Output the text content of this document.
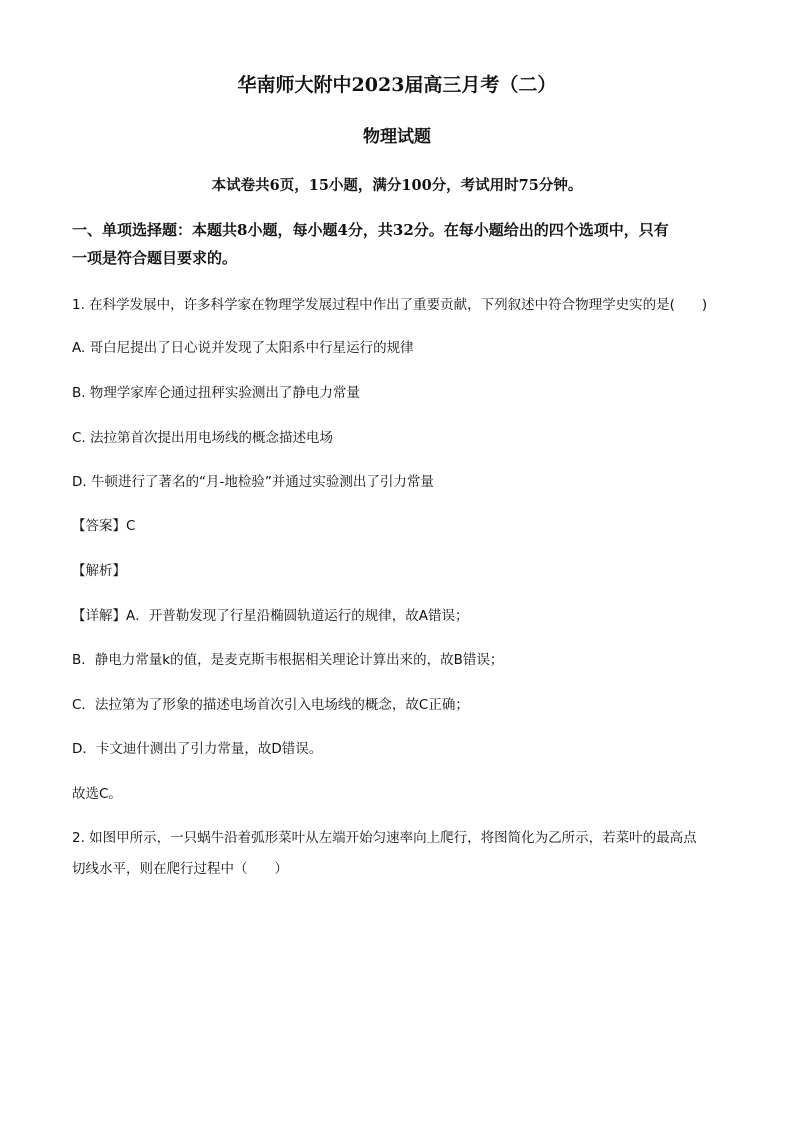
华南师大附中2023届高三月考（二）
物理试题
本试卷共6页，15小题，满分100分，考试用时75分钟。
一、单项选择题：本题共8小题，每小题4分，共32分。在每小题给出的四个选项中，只有
一项是符合题目要求的。
1. 在科学发展中，许多科学家在物理学发展过程中作出了重要贡献，下列叙述中符合物理学史实的是(　　)
A. 哥白尼提出了日心说并发现了太阳系中行星运行的规律
B. 物理学家库仑通过扭秤实验测出了静电力常量
C. 法拉第首次提出用电场线的概念描述电场
D. 牛顿进行了著名的“月-地检验”并通过实验测出了引力常量
【答案】C
【解析】
【详解】A．开普勒发现了行星沿椭圆轨道运行的规律，故A错误；
B．静电力常量k的值，是麦克斯韦根据相关理论计算出来的，故B错误；
C．法拉第为了形象的描述电场首次引入电场线的概念，故C正确；
D．卡文迪什测出了引力常量，故D错误。
故选C。
2. 如图甲所示，一只蜗牛沿着弧形菜叶从左端开始匀速率向上爬行，将图简化为乙所示，若菜叶的最高点
切线水平，则在爬行过程中（　　）
